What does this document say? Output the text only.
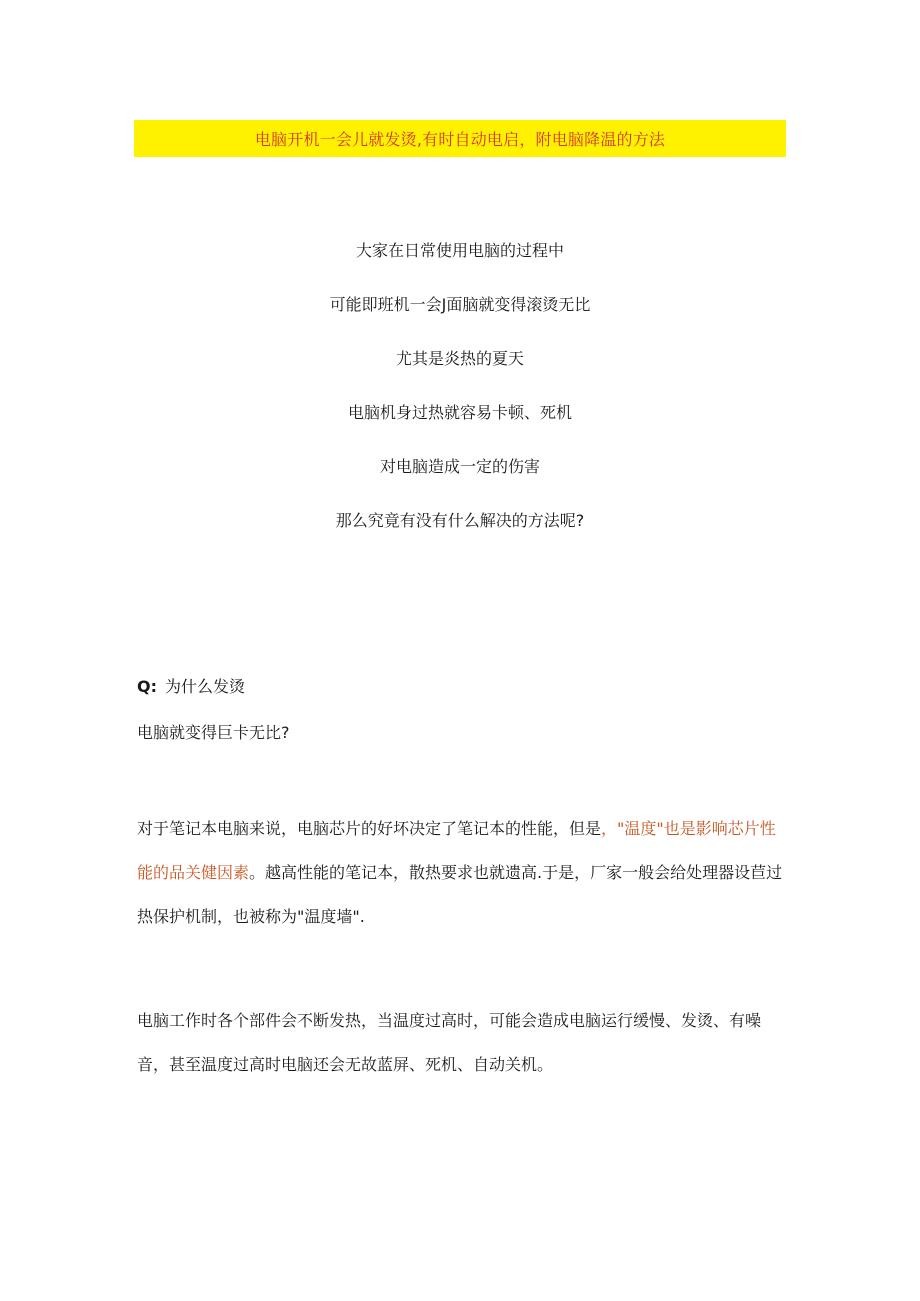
电脑开机一会儿就发烫,有时自动电启，附电脑降温的方法
大家在日常使用电脑的过程中
可能即班机一会J面脑就变得滚烫无比
尤其是炎热的夏天
电脑机身过热就容易卡顿、死机
对电脑造成一定的伤害
那么究竟有没有什么解决的方法呢?
Q: 为什么发烫
电脑就变得巨卡无比?
对于笔记本电脑来说，电脑芯片的好坏决定了笔记本的性能，但是，"温度"也是影响芯片性能的品关健因素。越高性能的笔记本，散热要求也就遗高.于是，厂家一般会给处理器设苣过热保护机制，也被称为"温度墙".
电脑工作时各个部件会不断发热，当温度过高时，可能会造成电脑运行缓慢、发烫、有噪音，甚至温度过高时电脑还会无故蓝屏、死机、自动关机。
